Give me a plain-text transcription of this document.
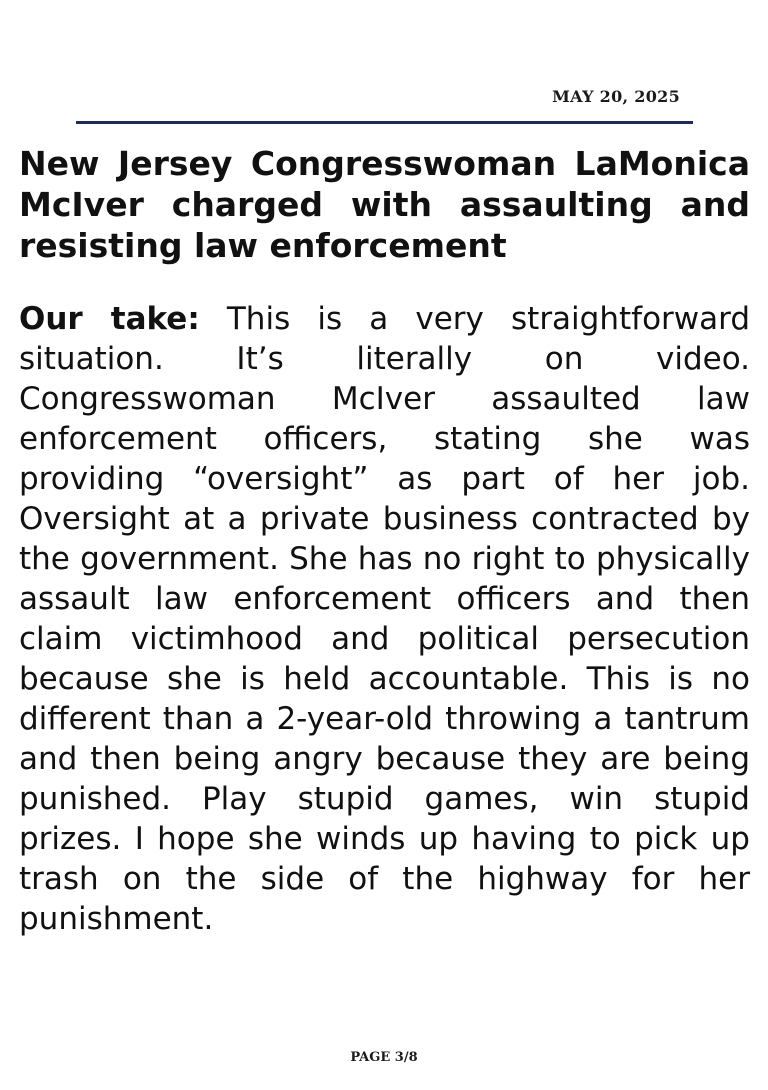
MAY 20, 2025
New Jersey Congresswoman LaMonica McIver charged with assaulting and resisting law enforcement

Our take: This is a very straightforward situation. It’s literally on video. Congresswoman McIver assaulted law enforcement officers, stating she was providing “oversight” as part of her job. Oversight at a private business contracted by the government. She has no right to physically assault law enforcement officers and then claim victimhood and political persecution because she is held accountable. This is no different than a 2-year-old throwing a tantrum and then being angry because they are being punished. Play stupid games, win stupid prizes. I hope she winds up having to pick up trash on the side of the highway for her punishment.

PAGE 3/8
